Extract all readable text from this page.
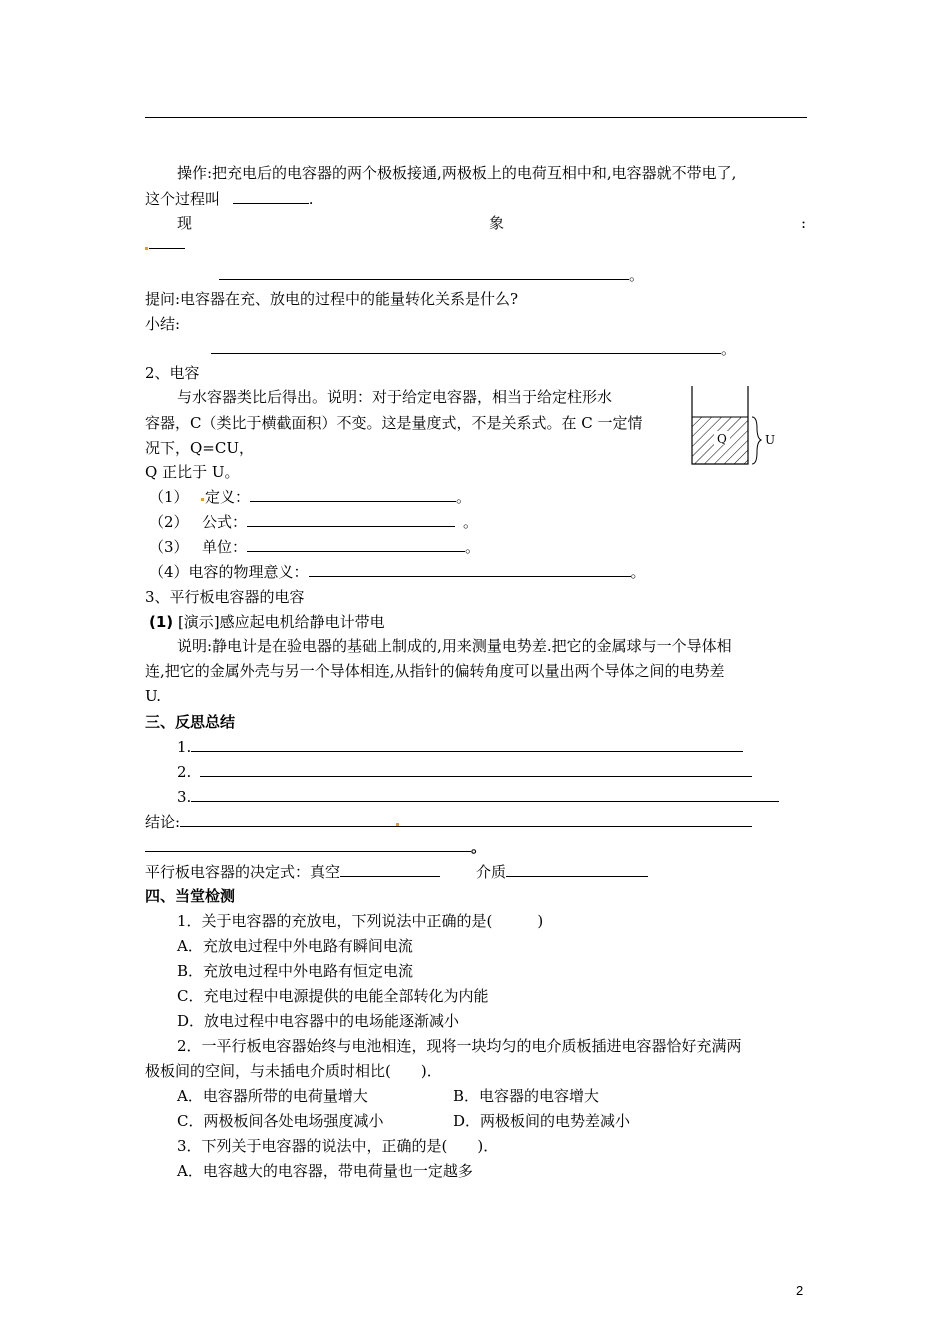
操作:把充电后的电容器的两个极板接通,两极板上的电荷互相中和,电容器就不带电了,
这个过程叫	.
现	象	:
。
提问:电容器在充、放电的过程中的能量转化关系是什么?
小结:
。
2、电容
与水容器类比后得出。说明：对于给定电容器，相当于给定柱形水
容器，C（类比于横截面积）不变。这是量度式，不是关系式。在 C 一定情
况下，Q=CU，
Q 正比于 U。
Q	U
（1） 定义：	。
（2） 公式：	。
（3） 单位：	。
（4）电容的物理意义：	。
3、平行板电容器的电容
(1) [演示]感应起电机给静电计带电
说明:静电计是在验电器的基础上制成的,用来测量电势差.把它的金属球与一个导体相
连,把它的金属外壳与另一个导体相连,从指针的偏转角度可以量出两个导体之间的电势差
U.
三、反思总结
1.
2.
3.
结论:
。
平行板电容器的决定式：真空	介质
四、当堂检测
1．关于电容器的充放电，下列说法中正确的是(　　　)
A．充放电过程中外电路有瞬间电流
B．充放电过程中外电路有恒定电流
C．充电过程中电源提供的电能全部转化为内能
D．放电过程中电容器中的电场能逐渐减小
2．一平行板电容器始终与电池相连，现将一块均匀的电介质板插进电容器恰好充满两
极板间的空间，与未插电介质时相比(　　)．
A．电容器所带的电荷量增大	B．电容器的电容增大
C．两极板间各处电场强度减小	D．两极板间的电势差减小
3．下列关于电容器的说法中，正确的是(　　)．
A．电容越大的电容器，带电荷量也一定越多
2
